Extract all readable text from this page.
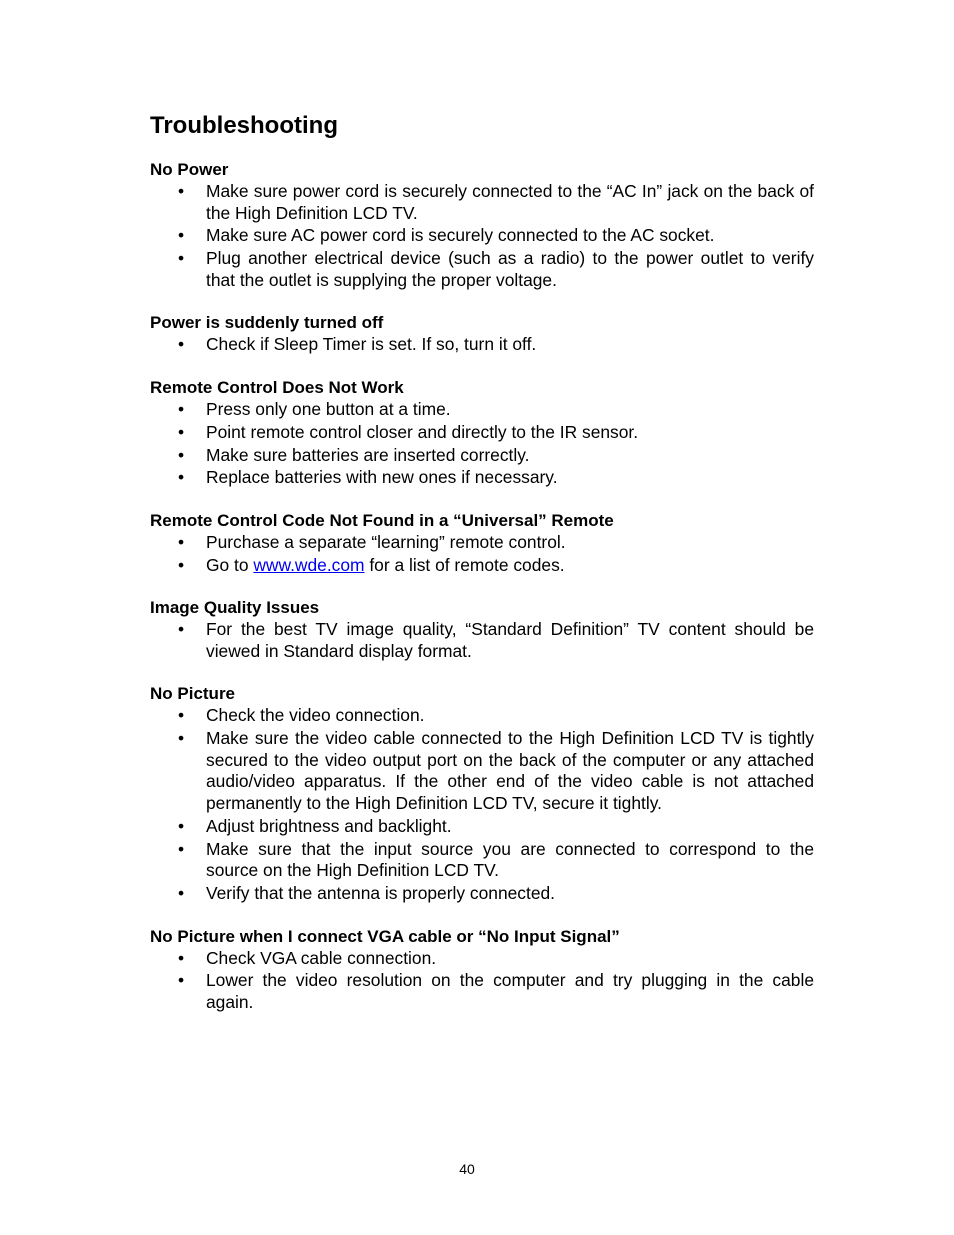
Troubleshooting
No Power
• Make sure power cord is securely connected to the “AC In” jack on the back of the High Definition LCD TV.
• Make sure AC power cord is securely connected to the AC socket.
• Plug another electrical device (such as a radio) to the power outlet to verify that the outlet is supplying the proper voltage.
Power is suddenly turned off
• Check if Sleep Timer is set. If so, turn it off.
Remote Control Does Not Work
• Press only one button at a time.
• Point remote control closer and directly to the IR sensor.
• Make sure batteries are inserted correctly.
• Replace batteries with new ones if necessary.
Remote Control Code Not Found in a “Universal” Remote
• Purchase a separate “learning” remote control.
• Go to www.wde.com for a list of remote codes.
Image Quality Issues
• For the best TV image quality, “Standard Definition” TV content should be viewed in Standard display format.
No Picture
• Check the video connection.
• Make sure the video cable connected to the High Definition LCD TV is tightly secured to the video output port on the back of the computer or any attached audio/video apparatus. If the other end of the video cable is not attached permanently to the High Definition LCD TV, secure it tightly.
• Adjust brightness and backlight.
• Make sure that the input source you are connected to correspond to the source on the High Definition LCD TV.
• Verify that the antenna is properly connected.
No Picture when I connect VGA cable or “No Input Signal”
• Check VGA cable connection.
• Lower the video resolution on the computer and try plugging in the cable again.
40
